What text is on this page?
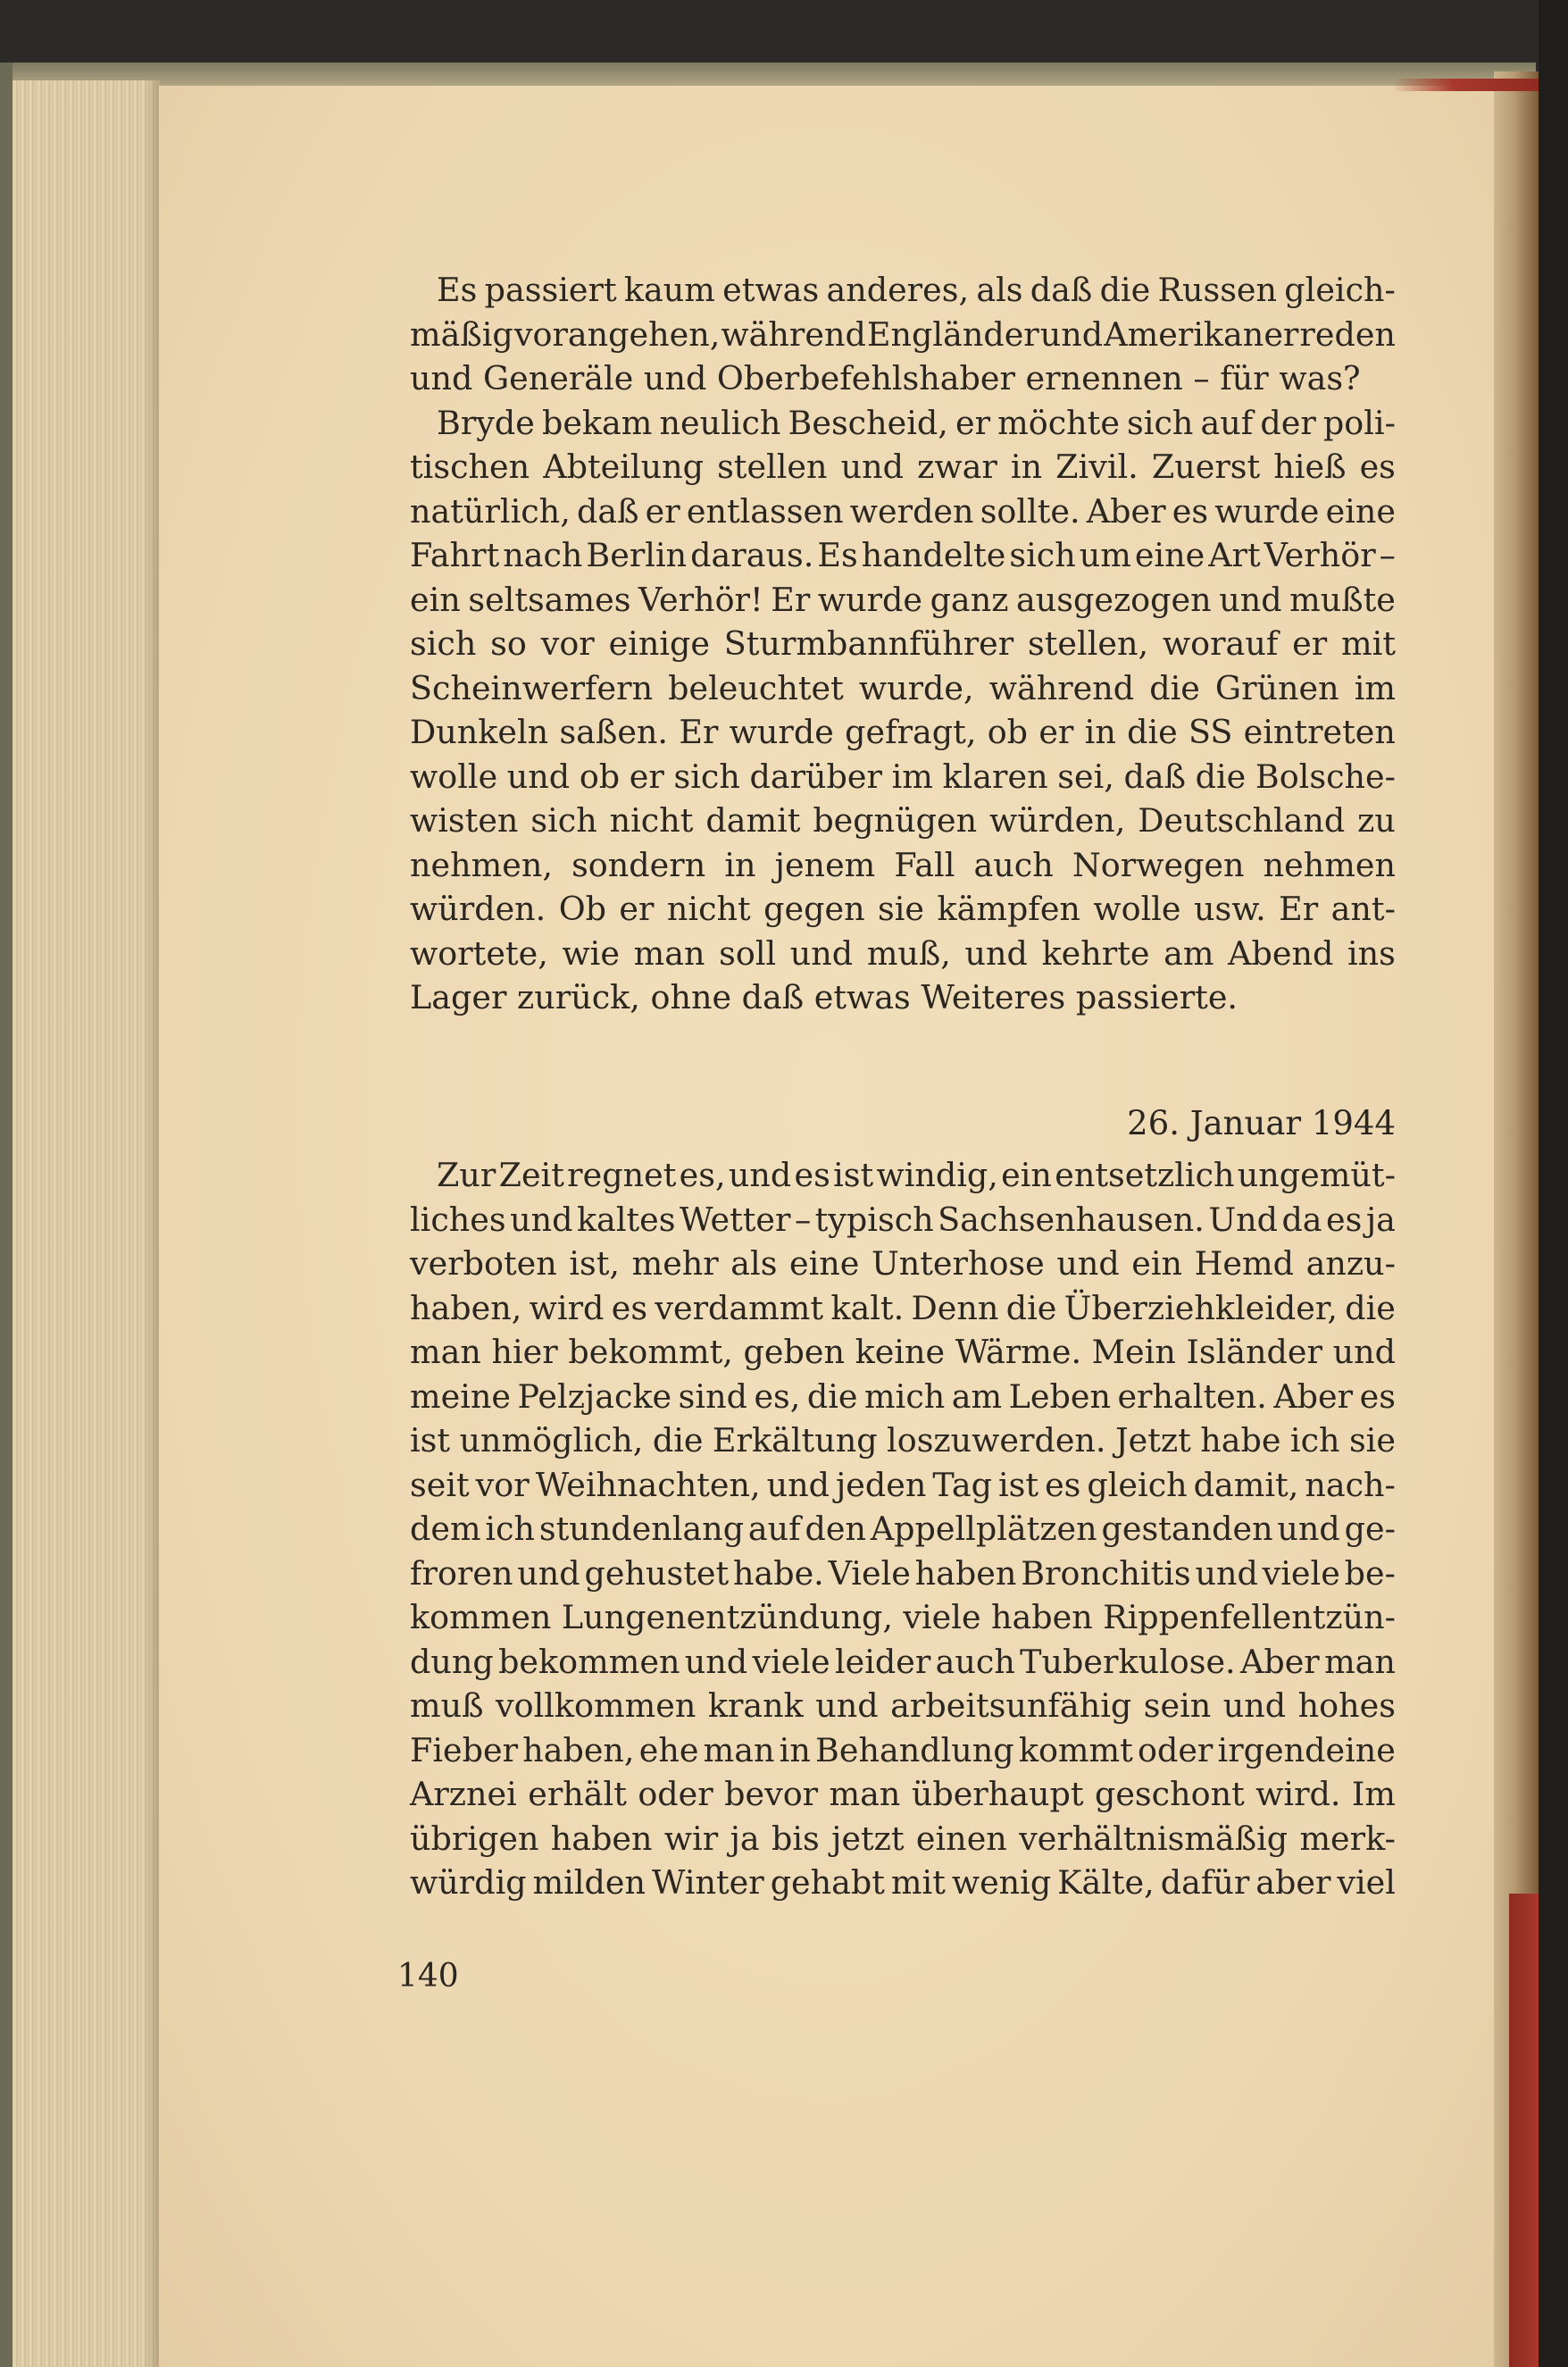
Es passiert kaum etwas anderes, als daß die Russen gleich-
mäßig vorangehen, während Engländer und Amerikaner reden
und Generäle und Oberbefehlshaber ernennen – für was?
Bryde bekam neulich Bescheid, er möchte sich auf der poli-
tischen Abteilung stellen und zwar in Zivil. Zuerst hieß es
natürlich, daß er entlassen werden sollte. Aber es wurde eine
Fahrt nach Berlin daraus. Es handelte sich um eine Art Verhör –
ein seltsames Verhör! Er wurde ganz ausgezogen und mußte
sich so vor einige Sturmbannführer stellen, worauf er mit
Scheinwerfern beleuchtet wurde, während die Grünen im
Dunkeln saßen. Er wurde gefragt, ob er in die SS eintreten
wolle und ob er sich darüber im klaren sei, daß die Bolsche-
wisten sich nicht damit begnügen würden, Deutschland zu
nehmen, sondern in jenem Fall auch Norwegen nehmen
würden. Ob er nicht gegen sie kämpfen wolle usw. Er ant-
wortete, wie man soll und muß, und kehrte am Abend ins
Lager zurück, ohne daß etwas Weiteres passierte.
26. Januar 1944
Zur Zeit regnet es, und es ist windig, ein entsetzlich ungemüt-
liches und kaltes Wetter – typisch Sachsenhausen. Und da es ja
verboten ist, mehr als eine Unterhose und ein Hemd anzu-
haben, wird es verdammt kalt. Denn die Überziehkleider, die
man hier bekommt, geben keine Wärme. Mein Isländer und
meine Pelzjacke sind es, die mich am Leben erhalten. Aber es
ist unmöglich, die Erkältung loszuwerden. Jetzt habe ich sie
seit vor Weihnachten, und jeden Tag ist es gleich damit, nach-
dem ich stundenlang auf den Appellplätzen gestanden und ge-
froren und gehustet habe. Viele haben Bronchitis und viele be-
kommen Lungenentzündung, viele haben Rippenfellentzün-
dung bekommen und viele leider auch Tuberkulose. Aber man
muß vollkommen krank und arbeitsunfähig sein und hohes
Fieber haben, ehe man in Behandlung kommt oder irgendeine
Arznei erhält oder bevor man überhaupt geschont wird. Im
übrigen haben wir ja bis jetzt einen verhältnismäßig merk-
würdig milden Winter gehabt mit wenig Kälte, dafür aber viel
140
